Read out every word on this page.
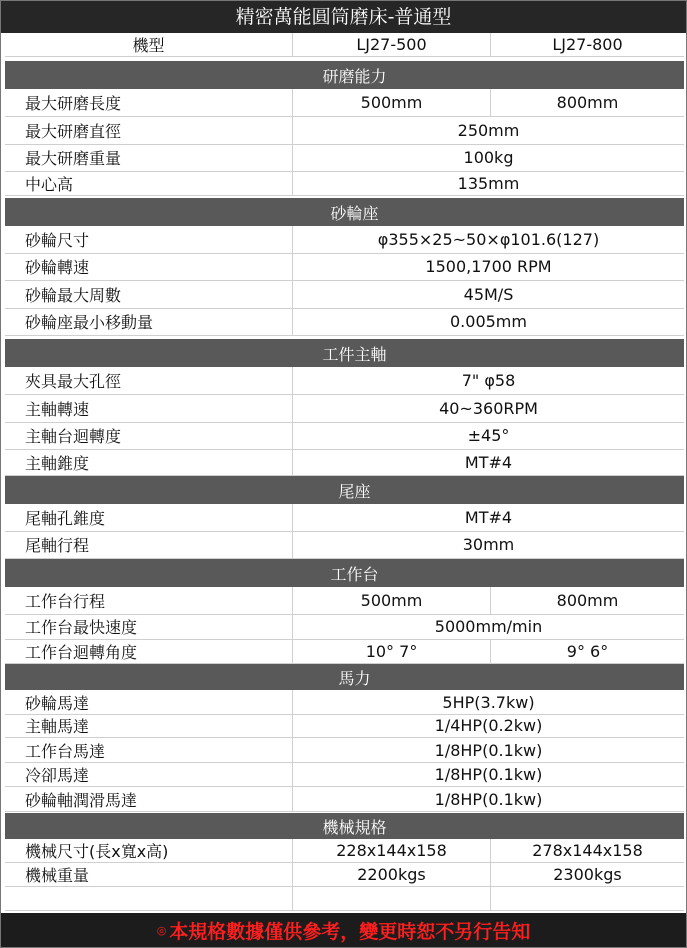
精密萬能圓筒磨床-普通型
機型	LJ27-500	LJ27-800
研磨能力
最大研磨長度	500mm	800mm
最大研磨直徑	250mm
最大研磨重量	100kg
中心高	135mm
砂輪座
砂輪尺寸	φ355×25~50×φ101.6(127)
砂輪轉速	1500,1700 RPM
砂輪最大周數	45M/S
砂輪座最小移動量	0.005mm
工件主軸
夾具最大孔徑	7" φ58
主軸轉速	40~360RPM
主軸台迴轉度	±45°
主軸錐度	MT#4
尾座
尾軸孔錐度	MT#4
尾軸行程	30mm
工作台
工作台行程	500mm	800mm
工作台最快速度	5000mm/min
工作台迴轉角度	10° 7°	9° 6°
馬力
砂輪馬達	5HP(3.7kw)
主軸馬達	1/4HP(0.2kw)
工作台馬達	1/8HP(0.1kw)
冷卻馬達	1/8HP(0.1kw)
砂輪軸潤滑馬達	1/8HP(0.1kw)
機械規格
機械尺寸(長x寬x高)	228x144x158	278x144x158
機械重量	2200kgs	2300kgs
◎ 本規格數據僅供參考，變更時恕不另行告知
